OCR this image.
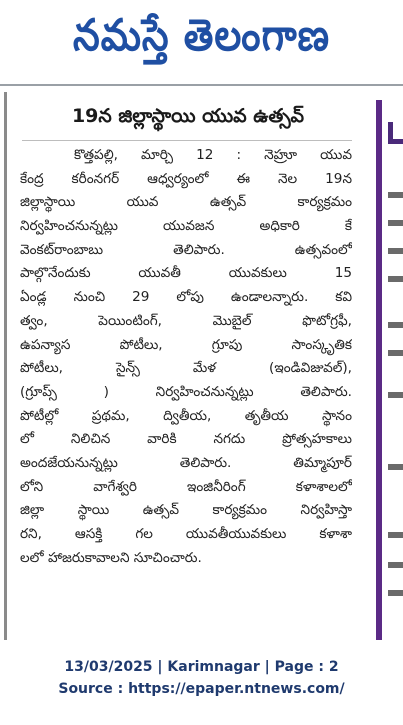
నమస్తే తెలంగాణ
19న జిల్లాస్థాయి యువ ఉత్సవ్
కొత్తపల్లి, మార్చి 12 : నెహ్రూ యువ
కేంద్ర కరీంనగర్ ఆధ్వర్యంలో ఈ నెల 19న
జిల్లాస్థాయి యువ ఉత్సవ్ కార్యక్రమం
నిర్వహించనున్నట్లు యువజన అధికారి కే
వెంకట్‌రాంబాబు తెలిపారు. ఉత్సవంలో
పాల్గొనేందుకు యువతీ యువకులు 15
ఏండ్ల నుంచి 29 లోపు ఉండాలన్నారు. కవి
త్వం, పెయింటింగ్, మొబైల్ ఫొటోగ్రఫీ,
ఉపన్యాస పోటీలు, గ్రూపు సాంస్కృతిక
పోటీలు, సైన్స్ మేళ (ఇండివిజువల్),
(గ్రూప్స్ ) నిర్వహించనున్నట్లు తెలిపారు.
పోటీల్లో ప్రథమ, ద్వితీయ, తృతీయ స్థానం
లో నిలిచిన వారికి నగదు ప్రోత్సహకాలు
అందజేయనున్నట్లు తెలిపారు. తిమ్మాపూర్
లోని వాగేశ్వరి ఇంజినీరింగ్ కళాశాలలో
జిల్లా స్థాయి ఉత్సవ్ కార్యక్రమం నిర్వహిస్తా
రని, ఆసక్తి గల యువతీయువకులు కళాశా
లలో హాజరుకావాలని సూచించారు.
13/03/2025 | Karimnagar | Page : 2
Source : https://epaper.ntnews.com/
